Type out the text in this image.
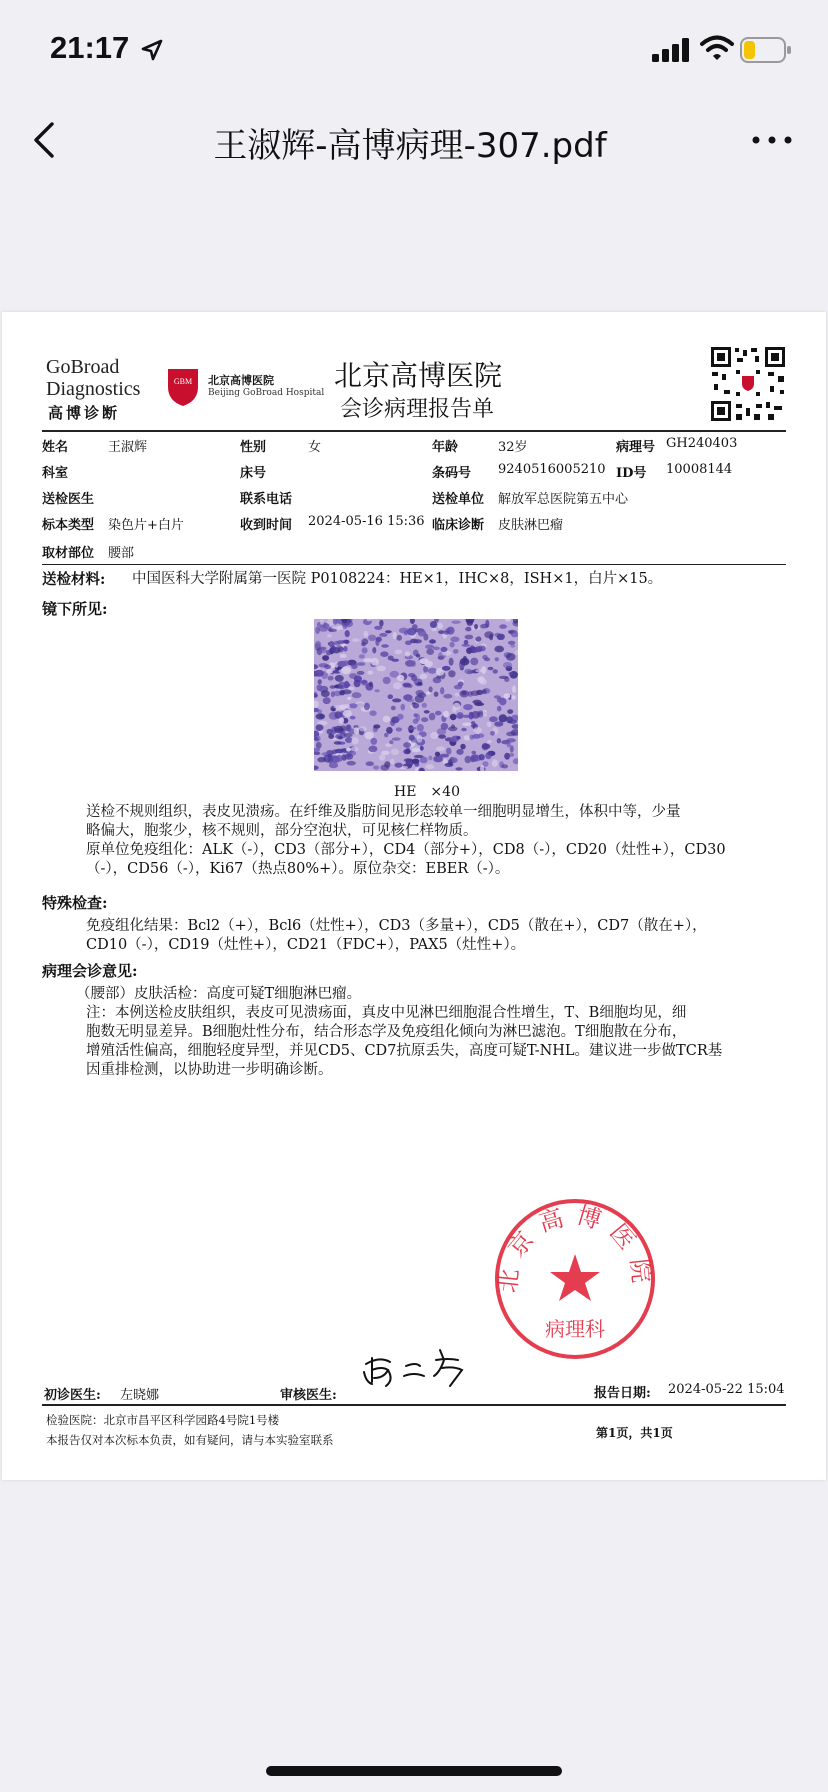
21:17
王淑辉-高博病理-307.pdf
GoBroad
Diagnostics
高博诊断
GBM 北京高博医院
Beijing GoBroad Hospital
北京高博医院
会诊病理报告单
姓名	王淑辉	性别	女	年龄	32岁	病理号 GH240403
科室	床号	条码号 9240516005210 ID号 10008144
送检医生	联系电话	送检单位 解放军总医院第五中心
标本类型 染色片+白片	收到时间 2024-05-16 15:36 临床诊断 皮肤淋巴瘤
取材部位 腰部
送检材料: 中国医科大学附属第一医院 P0108224：HE×1，IHC×8，ISH×1，白片×15。
镜下所见:
HE　×40
送检不规则组织，表皮见溃疡。在纤维及脂肪间见形态较单一细胞明显增生，体积中等，少量
略偏大，胞浆少，核不规则，部分空泡状，可见核仁样物质。
原单位免疫组化：ALK（-），CD3（部分+），CD4（部分+），CD8（-），CD20（灶性+），CD30
（-），CD56（-），Ki67（热点80%+）。原位杂交：EBER（-）。
特殊检查:
免疫组化结果：Bcl2（+），Bcl6（灶性+），CD3（多量+），CD5（散在+），CD7（散在+），
CD10（-），CD19（灶性+），CD21（FDC+），PAX5（灶性+）。
病理会诊意见:
（腰部）皮肤活检：高度可疑T细胞淋巴瘤。
注：本例送检皮肤组织，表皮可见溃疡面，真皮中见淋巴细胞混合性增生，T、B细胞均见，细
胞数无明显差异。B细胞灶性分布，结合形态学及免疫组化倾向为淋巴滤泡。T细胞散在分布，
增殖活性偏高，细胞轻度异型，并见CD5、CD7抗原丢失，高度可疑T-NHL。建议进一步做TCR基
因重排检测，以协助进一步明确诊断。
北京高博医院
病理科
初诊医生: 左晓娜	审核医生:	报告日期: 2024-05-22 15:04
检验医院：北京市昌平区科学园路4号院1号楼
本报告仅对本次标本负责，如有疑问，请与本实验室联系	第1页，共1页
